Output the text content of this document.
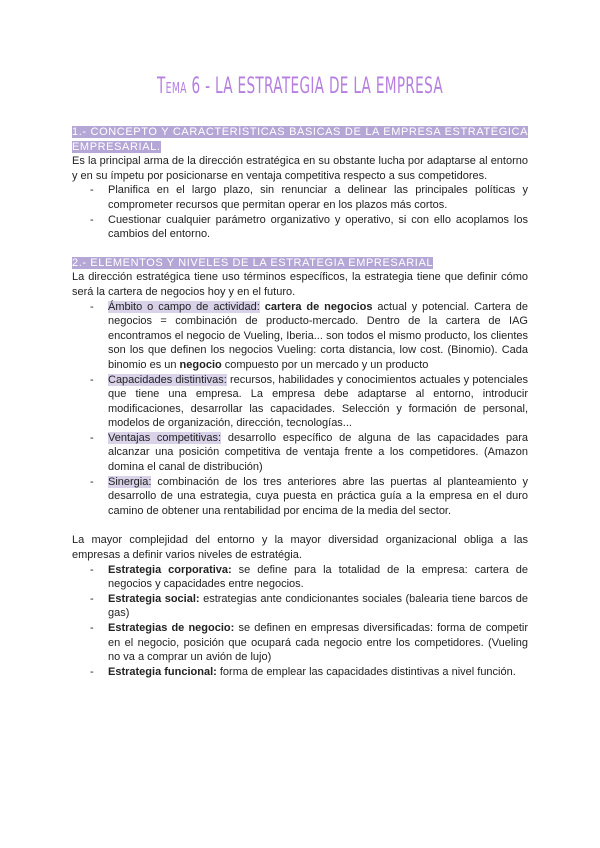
Tema 6 - LA ESTRATEGIA DE LA EMPRESA

1.- CONCEPTO Y CARACTERÍSTICAS BÁSICAS DE LA EMPRESA ESTRATÉGICA EMPRESARIAL.

Es la principal arma de la dirección estratégica en su obstante lucha por adaptarse al entorno y en su ímpetu por posicionarse en ventaja competitiva respecto a sus competidores.

- Planifica en el largo plazo, sin renunciar a delinear las principales políticas y comprometer recursos que permitan operar en los plazos más cortos.
- Cuestionar cualquier parámetro organizativo y operativo, si con ello acoplamos los cambios del entorno.

2.- ELEMENTOS Y NIVELES DE LA ESTRATEGIA EMPRESARIAL

La dirección estratégica tiene uso términos específicos, la estrategia tiene que definir cómo será la cartera de negocios hoy y en el futuro.

- Ámbito o campo de actividad: cartera de negocios actual y potencial. Cartera de negocios = combinación de producto-mercado. Dentro de la cartera de IAG encontramos el negocio de Vueling, Iberia... son todos el mismo producto, los clientes son los que definen los negocios Vueling: corta distancia, low cost. (Binomio). Cada binomio es un negocio compuesto por un mercado y un producto
- Capacidades distintivas: recursos, habilidades y conocimientos actuales y potenciales que tiene una empresa. La empresa debe adaptarse al entorno, introducir modificaciones, desarrollar las capacidades. Selección y formación de personal, modelos de organización, dirección, tecnologías...
- Ventajas competitivas: desarrollo específico de alguna de las capacidades para alcanzar una posición competitiva de ventaja frente a los competidores. (Amazon domina el canal de distribución)
- Sinergia: combinación de los tres anteriores abre las puertas al planteamiento y desarrollo de una estrategia, cuya puesta en práctica guía a la empresa en el duro camino de obtener una rentabilidad por encima de la media del sector.

La mayor complejidad del entorno y la mayor diversidad organizacional obliga a las empresas a definir varios niveles de estratégia.

- Estrategia corporativa: se define para la totalidad de la empresa: cartera de negocios y capacidades entre negocios.
- Estrategia social: estrategias ante condicionantes sociales (balearia tiene barcos de gas)
- Estrategias de negocio: se definen en empresas diversificadas: forma de competir en el negocio, posición que ocupará cada negocio entre los competidores. (Vueling no va a comprar un avión de lujo)
- Estrategia funcional: forma de emplear las capacidades distintivas a nivel función.
